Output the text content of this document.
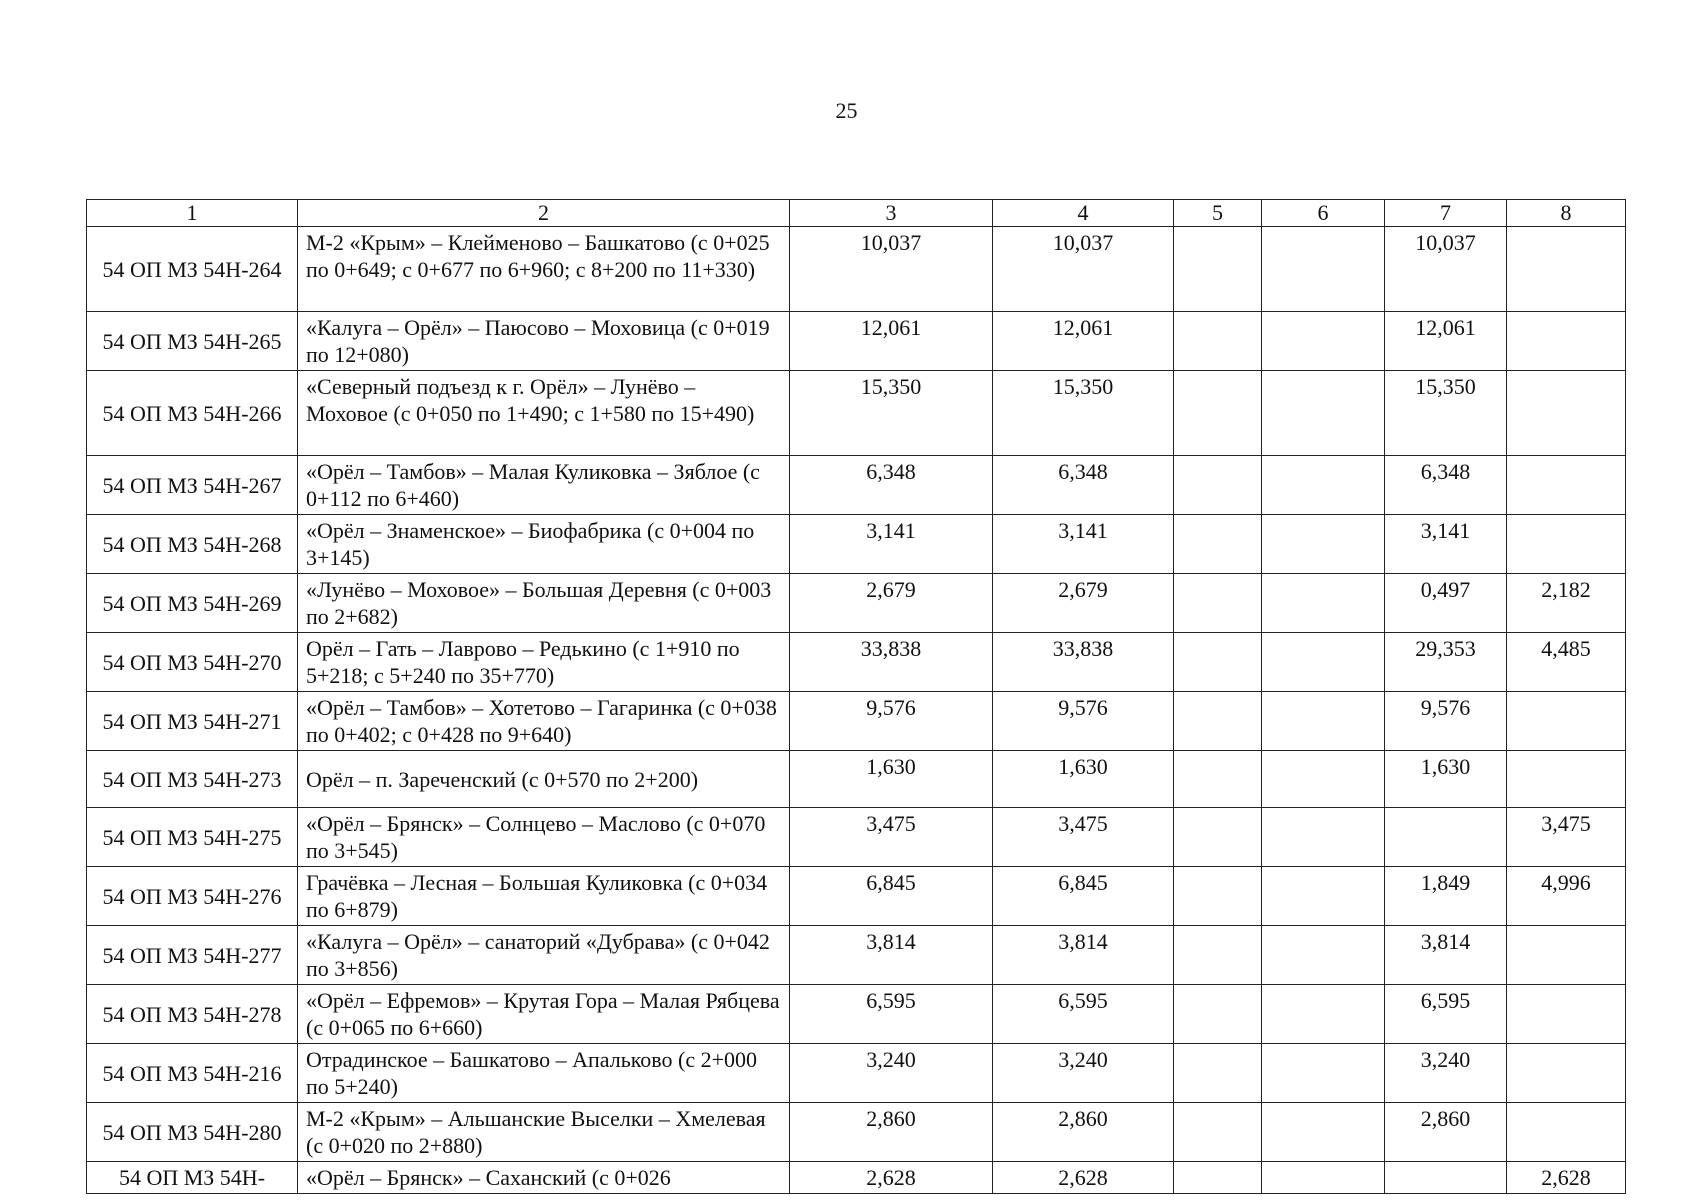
25
1	2	3	4	5	6	7	8
54 ОП МЗ 54Н-264	М-2 «Крым» – Клейменово – Башкатово (с 0+025 по 0+649; с 0+677 по 6+960; с 8+200 по 11+330)	10,037	10,037			10,037	
54 ОП МЗ 54Н-265	«Калуга – Орёл» – Паюсово – Моховица (с 0+019 по 12+080)	12,061	12,061			12,061	
54 ОП МЗ 54Н-266	«Северный подъезд к г. Орёл» – Лунёво – Моховое (с 0+050 по 1+490; с 1+580 по 15+490)	15,350	15,350			15,350	
54 ОП МЗ 54Н-267	«Орёл – Тамбов» – Малая Куликовка – Зяблое (с 0+112 по 6+460)	6,348	6,348			6,348	
54 ОП МЗ 54Н-268	«Орёл – Знаменское» – Биофабрика (с 0+004 по 3+145)	3,141	3,141			3,141	
54 ОП МЗ 54Н-269	«Лунёво – Моховое» – Большая Деревня (с 0+003 по 2+682)	2,679	2,679			0,497	2,182
54 ОП МЗ 54Н-270	Орёл – Гать – Лаврово – Редькино (с 1+910 по 5+218; с 5+240 по 35+770)	33,838	33,838			29,353	4,485
54 ОП МЗ 54Н-271	«Орёл – Тамбов» – Хотетово – Гагаринка (с 0+038 по 0+402; с 0+428 по 9+640)	9,576	9,576			9,576	
54 ОП МЗ 54Н-273	Орёл – п. Зареченский (с 0+570 по 2+200)	1,630	1,630			1,630	
54 ОП МЗ 54Н-275	«Орёл – Брянск» – Солнцево – Маслово (с 0+070 по 3+545)	3,475	3,475				3,475
54 ОП МЗ 54Н-276	Грачёвка – Лесная – Большая Куликовка (с 0+034 по 6+879)	6,845	6,845			1,849	4,996
54 ОП МЗ 54Н-277	«Калуга – Орёл» – санаторий «Дубрава» (с 0+042 по 3+856)	3,814	3,814			3,814	
54 ОП МЗ 54Н-278	«Орёл – Ефремов» – Крутая Гора – Малая Рябцева (с 0+065 по 6+660)	6,595	6,595			6,595	
54 ОП МЗ 54Н-216	Отрадинское – Башкатово – Апальково (с 2+000 по 5+240)	3,240	3,240			3,240	
54 ОП МЗ 54Н-280	М-2 «Крым» – Альшанские Выселки – Хмелевая (с 0+020 по 2+880)	2,860	2,860			2,860	
54 ОП МЗ 54Н-	«Орёл – Брянск» – Саханский (с 0+026	2,628	2,628				2,628
